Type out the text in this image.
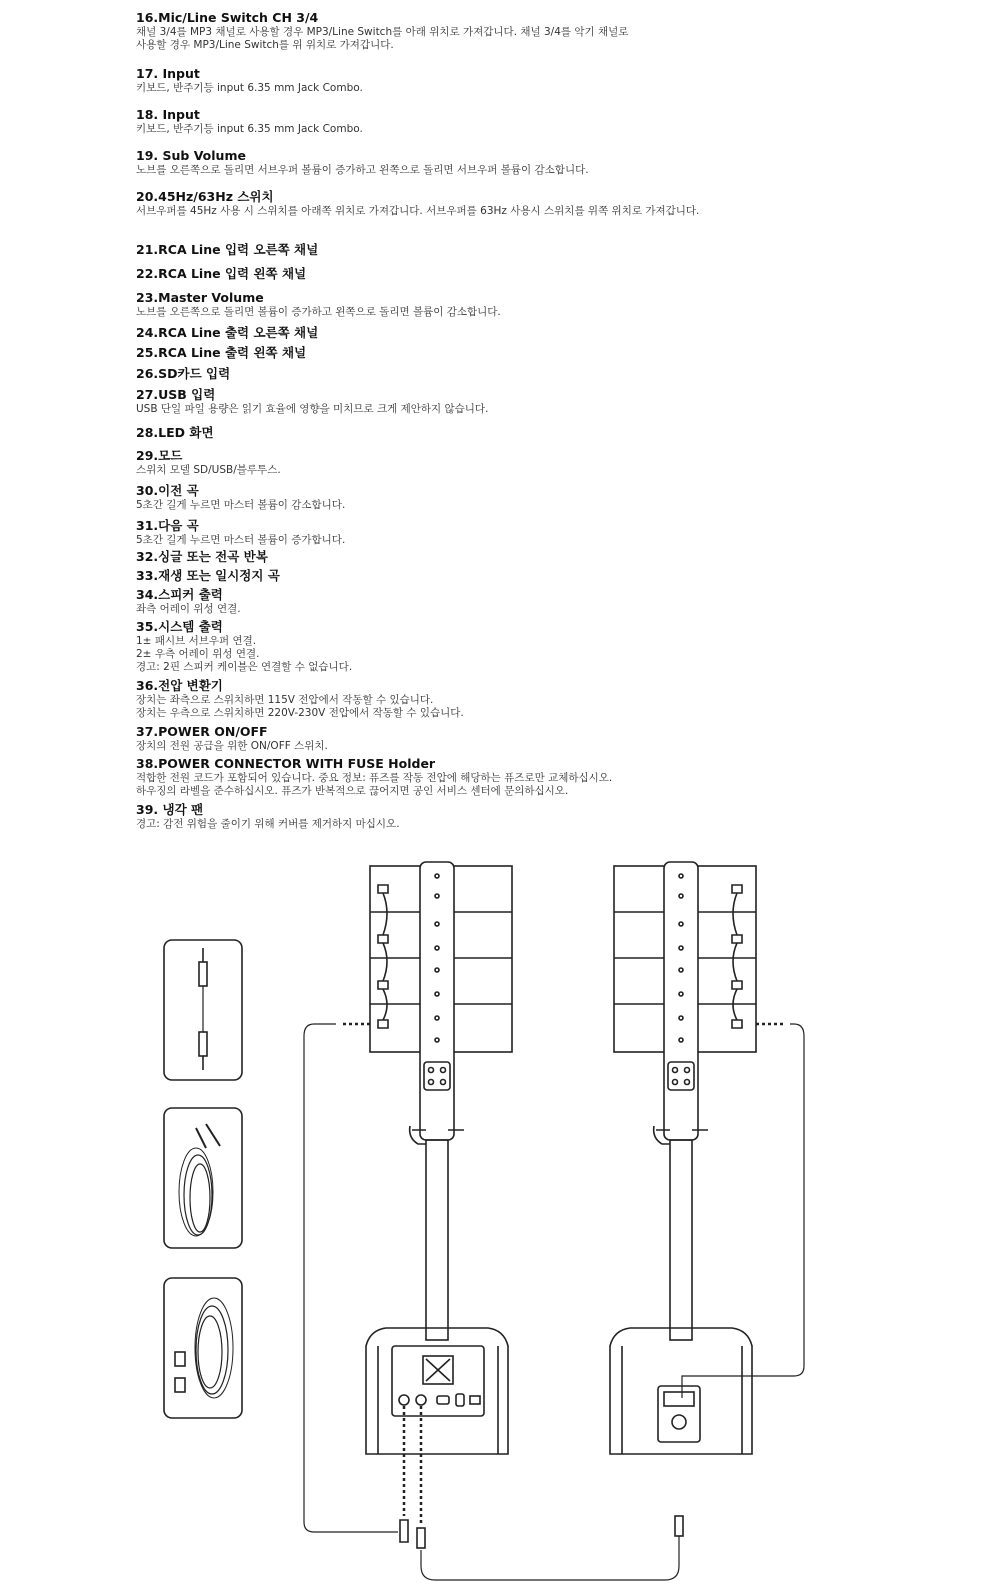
16.Mic/Line Switch CH 3/4

채널 3/4를 MP3 채널로 사용할 경우 MP3/Line Switch를 아래 위치로 가져갑니다. 채널 3/4를 악기 채널로
사용할 경우 MP3/Line Switch를 위 위치로 가져갑니다.

17. Input

키보드, 반주기등 input 6.35 mm Jack Combo.

18. Input

키보드, 반주기등 input 6.35 mm Jack Combo.

19. Sub Volume

노브를 오른쪽으로 돌리면 서브우퍼 볼륨이 증가하고 왼쪽으로 돌리면 서브우퍼 볼륨이 감소합니다.

20.45Hz/63Hz 스위치

서브우퍼를 45Hz 사용 시 스위치를 아래쪽 위치로 가져갑니다. 서브우퍼를 63Hz 사용시 스위치를 위쪽 위치로 가져갑니다.

21.RCA Line 입력 오른쪽 채널
22.RCA Line 입력 왼쪽 채널
23.Master Volume

노브를 오른쪽으로 돌리면 볼륨이 증가하고 왼쪽으로 돌리면 볼륨이 감소합니다.

24.RCA Line 출력 오른쪽 채널
25.RCA Line 출력 왼쪽 채널
26.SD카드 입력
27.USB 입력

USB 단일 파일 용량은 읽기 효율에 영향을 미치므로 크게 제안하지 않습니다.

28.LED 화면
29.모드

스위치 모델 SD/USB/블루투스.

30.이전 곡

5초간 길게 누르면 마스터 볼륨이 감소합니다.

31.다음 곡

5초간 길게 누르면 마스터 볼륨이 증가합니다.

32.싱글 또는 전곡 반복
33.재생 또는 일시정지 곡
34.스피커 출력

좌측 어레이 위성 연결.

35.시스템 출력

1± 패시브 서브우퍼 연결.
2± 우측 어레이 위성 연결.
경고: 2핀 스피커 케이블은 연결할 수 없습니다.

36.전압 변환기

장치는 좌측으로 스위치하면 115V 전압에서 작동할 수 있습니다.
장치는 우측으로 스위치하면 220V-230V 전압에서 작동할 수 있습니다.

37.POWER ON/OFF

장치의 전원 공급을 위한 ON/OFF 스위치.

38.POWER CONNECTOR WITH FUSE Holder

적합한 전원 코드가 포함되어 있습니다. 중요 정보: 퓨즈를 작동 전압에 해당하는 퓨즈로만 교체하십시오.
하우징의 라벨을 준수하십시오. 퓨즈가 반복적으로 끊어지면 공인 서비스 센터에 문의하십시오.

39. 냉각 팬

경고: 감전 위험을 줄이기 위해 커버를 제거하지 마십시오.
